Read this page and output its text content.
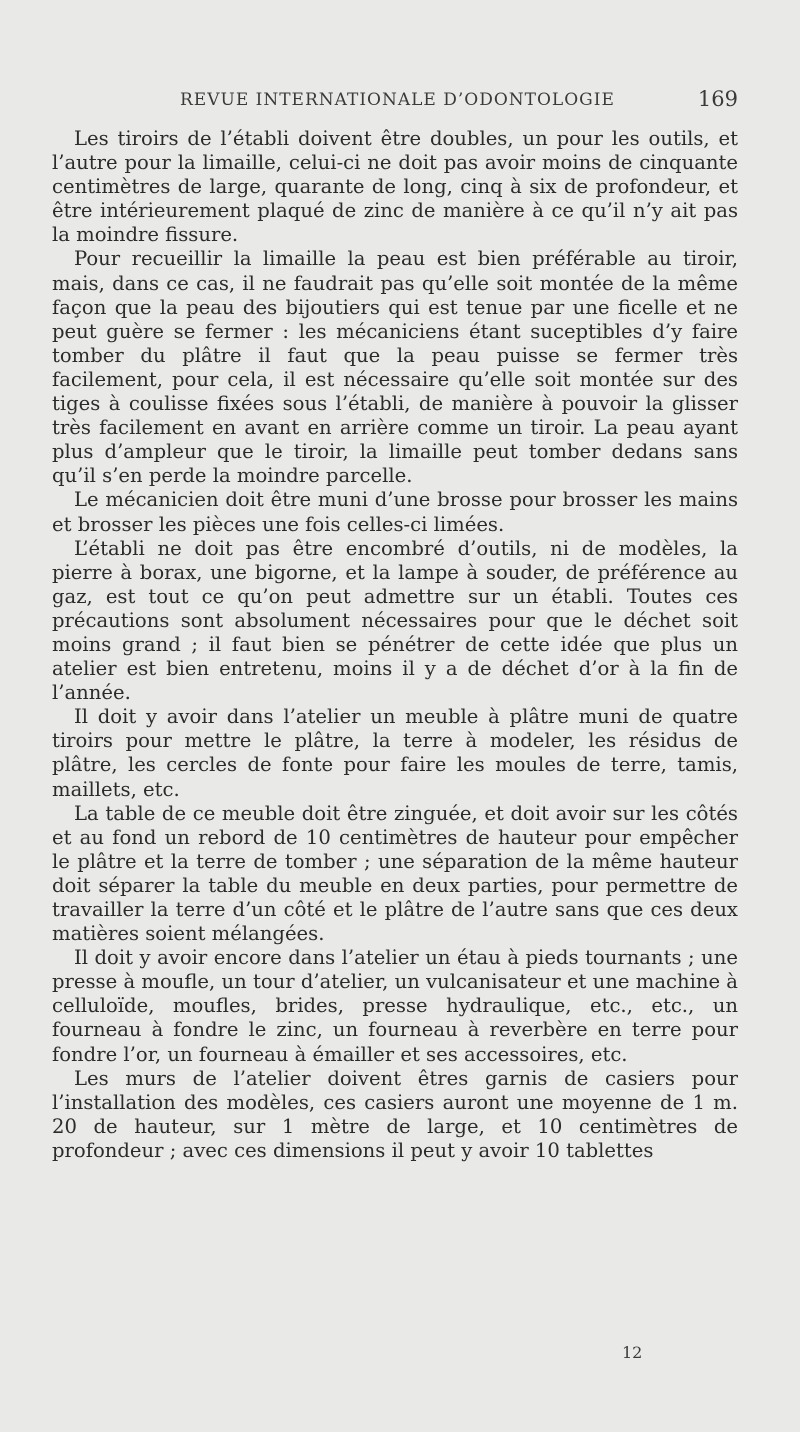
REVUE INTERNATIONALE D’ODONTOLOGIE	169

Les tiroirs de l’établi doivent être doubles, un pour les outils, et l’autre pour la limaille, celui-ci ne doit pas avoir moins de cinquante centimètres de large, quarante de long, cinq à six de profondeur, et être intérieurement plaqué de zinc de manière à ce qu’il n’y ait pas la moindre fissure.

Pour recueillir la limaille la peau est bien préférable au tiroir, mais, dans ce cas, il ne faudrait pas qu’elle soit montée de la même façon que la peau des bijoutiers qui est tenue par une ficelle et ne peut guère se fermer : les mécaniciens étant suceptibles d’y faire tomber du plâtre il faut que la peau puisse se fermer très facilement, pour cela, il est nécessaire qu’elle soit montée sur des tiges à coulisse fixées sous l’établi, de manière à pouvoir la glisser très facilement en avant en arrière comme un tiroir. La peau ayant plus d’ampleur que le tiroir, la limaille peut tomber dedans sans qu’il s’en perde la moindre parcelle.

Le mécanicien doit être muni d’une brosse pour brosser les mains et brosser les pièces une fois celles-ci limées.

L’établi ne doit pas être encombré d’outils, ni de modèles, la pierre à borax, une bigorne, et la lampe à souder, de préférence au gaz, est tout ce qu’on peut admettre sur un établi. Toutes ces précautions sont absolument nécessaires pour que le déchet soit moins grand ; il faut bien se pénétrer de cette idée que plus un atelier est bien entretenu, moins il y a de déchet d’or à la fin de l’année.

Il doit y avoir dans l’atelier un meuble à plâtre muni de quatre tiroirs pour mettre le plâtre, la terre à modeler, les résidus de plâtre, les cercles de fonte pour faire les moules de terre, tamis, maillets, etc.

La table de ce meuble doit être zinguée, et doit avoir sur les côtés et au fond un rebord de 10 centimètres de hauteur pour empêcher le plâtre et la terre de tomber ; une séparation de la même hauteur doit séparer la table du meuble en deux parties, pour permettre de travailler la terre d’un côté et le plâtre de l’autre sans que ces deux matières soient mélangées.

Il doit y avoir encore dans l’atelier un étau à pieds tournants ; une presse à moufle, un tour d’atelier, un vulcanisateur et une machine à celluloïde, moufles, brides, presse hydraulique, etc., etc., un fourneau à fondre le zinc, un fourneau à reverbère en terre pour fondre l’or, un fourneau à émailler et ses accessoires, etc.

Les murs de l’atelier doivent êtres garnis de casiers pour l’installation des modèles, ces casiers auront une moyenne de 1 m. 20 de hauteur, sur 1 mètre de large, et 10 centimètres de profondeur ; avec ces dimensions il peut y avoir 10 tablettes

12
